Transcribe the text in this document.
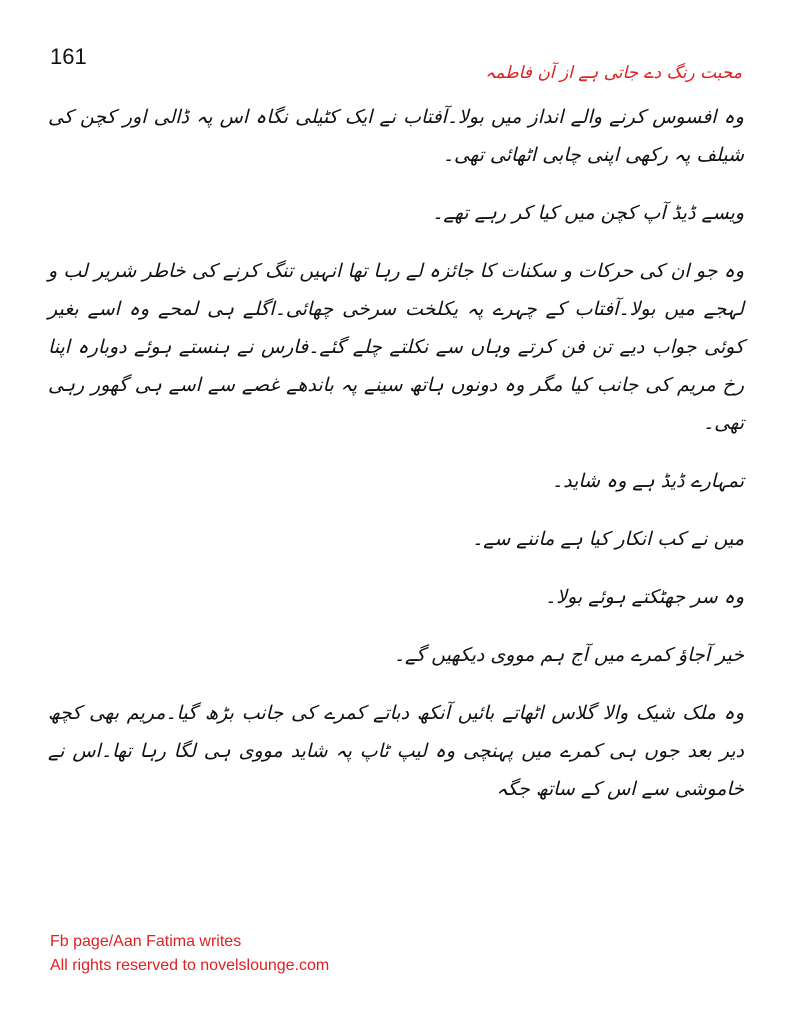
161
محبت رنگ دے جاتی ہے از آن فاطمہ

وہ افسوس کرنے والے انداز میں بولا۔آفتاب نے ایک کٹیلی نگاہ اس پہ ڈالی اور کچن کی شیلف پہ رکھی اپنی چابی اٹھائی تھی۔

ویسے ڈیڈ آپ کچن میں کیا کر رہے تھے۔

وہ جو ان کی حرکات و سکنات کا جائزہ لے رہا تھا انہیں تنگ کرنے کی خاطر شریر لب و لہجے میں بولا۔آفتاب کے چہرے پہ یکلخت سرخی چھائی۔اگلے ہی لمحے وہ اسے بغیر کوئی جواب دیے تن فن کرتے وہاں سے نکلتے چلے گئے۔فارس نے ہنستے ہوئے دوبارہ اپنا رخ مریم کی جانب کیا مگر وہ دونوں ہاتھ سینے پہ باندھے غصے سے اسے ہی گھور رہی تھی۔

تمہارے ڈیڈ ہے وہ شاید۔

میں نے کب انکار کیا ہے ماننے سے۔

وہ سر جھٹکتے ہوئے بولا۔

خیر آجاؤ کمرے میں آج ہم مووی دیکھیں گے۔

وہ ملک شیک والا گلاس اٹھاتے بائیں آنکھ دباتے کمرے کی جانب بڑھ گیا۔مریم بھی کچھ دیر بعد جوں ہی کمرے میں پہنچی وہ لیپ ٹاپ پہ شاید مووی ہی لگا رہا تھا۔اس نے خاموشی سے اس کے ساتھ جگہ

Fb page/Aan Fatima writes
All rights reserved to novelslounge.com
